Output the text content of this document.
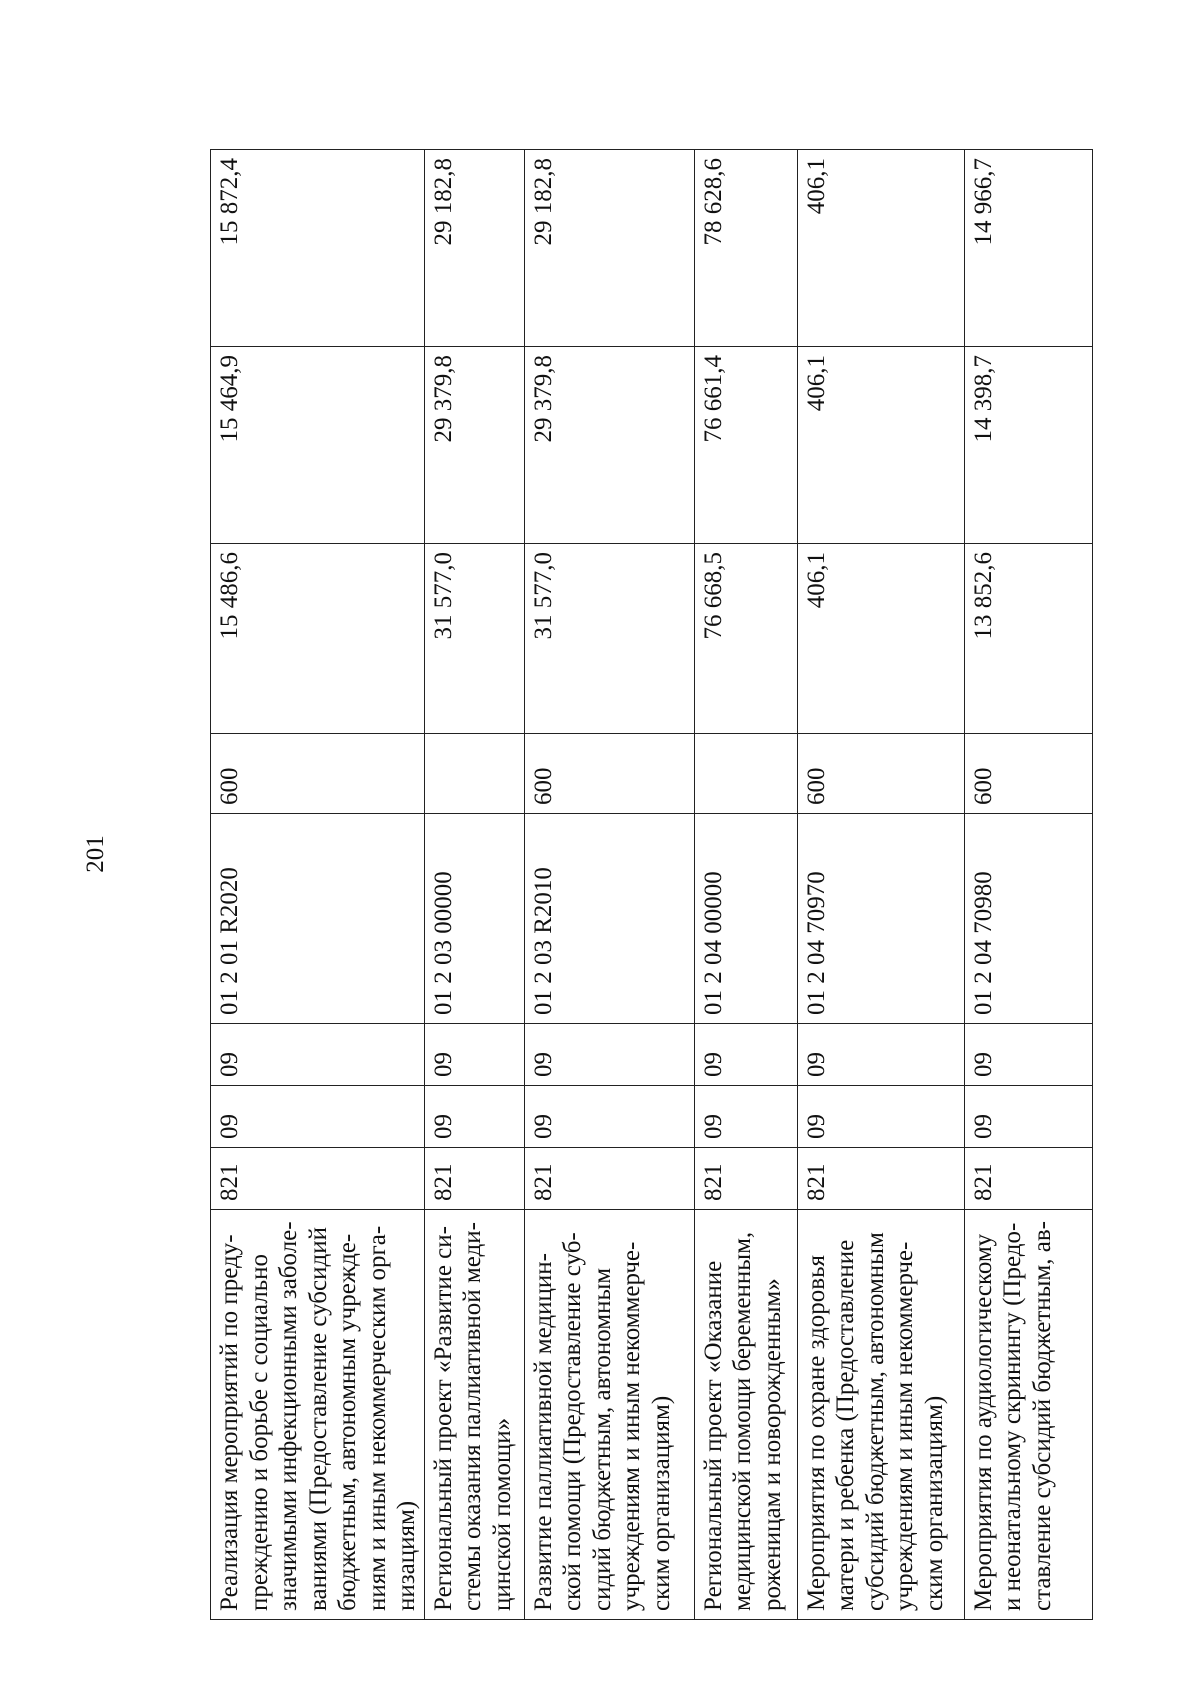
201
Реализация мероприятий по преду-преждению и борьбе с социально значимыми инфекционными заболе-ваниями (Предоставление субсидий бюджетным, автономным учрежде-ниям и иным некоммерческим орга-низациям)	821	09	09	01 2 01 R2020	600	15 486,6	15 464,9	15 872,4
Региональный проект «Развитие си-стемы оказания паллиативной меди-цинской помощи»	821	09	09	01 2 03 00000		31 577,0	29 379,8	29 182,8
Развитие паллиативной медицин-ской помощи (Предоставление суб-сидий бюджетным, автономным учреждениям и иным некоммерче-ским организациям)	821	09	09	01 2 03 R2010	600	31 577,0	29 379,8	29 182,8
Региональный проект «Оказание медицинской помощи беременным, роженицам и новорожденным»	821	09	09	01 2 04 00000		76 668,5	76 661,4	78 628,6
Мероприятия по охране здоровья матери и ребенка (Предоставление субсидий бюджетным, автономным учреждениям и иным некоммерче-ским организациям)	821	09	09	01 2 04 70970	600	406,1	406,1	406,1
Мероприятия по аудиологическому и неонатальному скринингу (Предо-ставление субсидий бюджетным, ав-	821	09	09	01 2 04 70980	600	13 852,6	14 398,7	14 966,7
